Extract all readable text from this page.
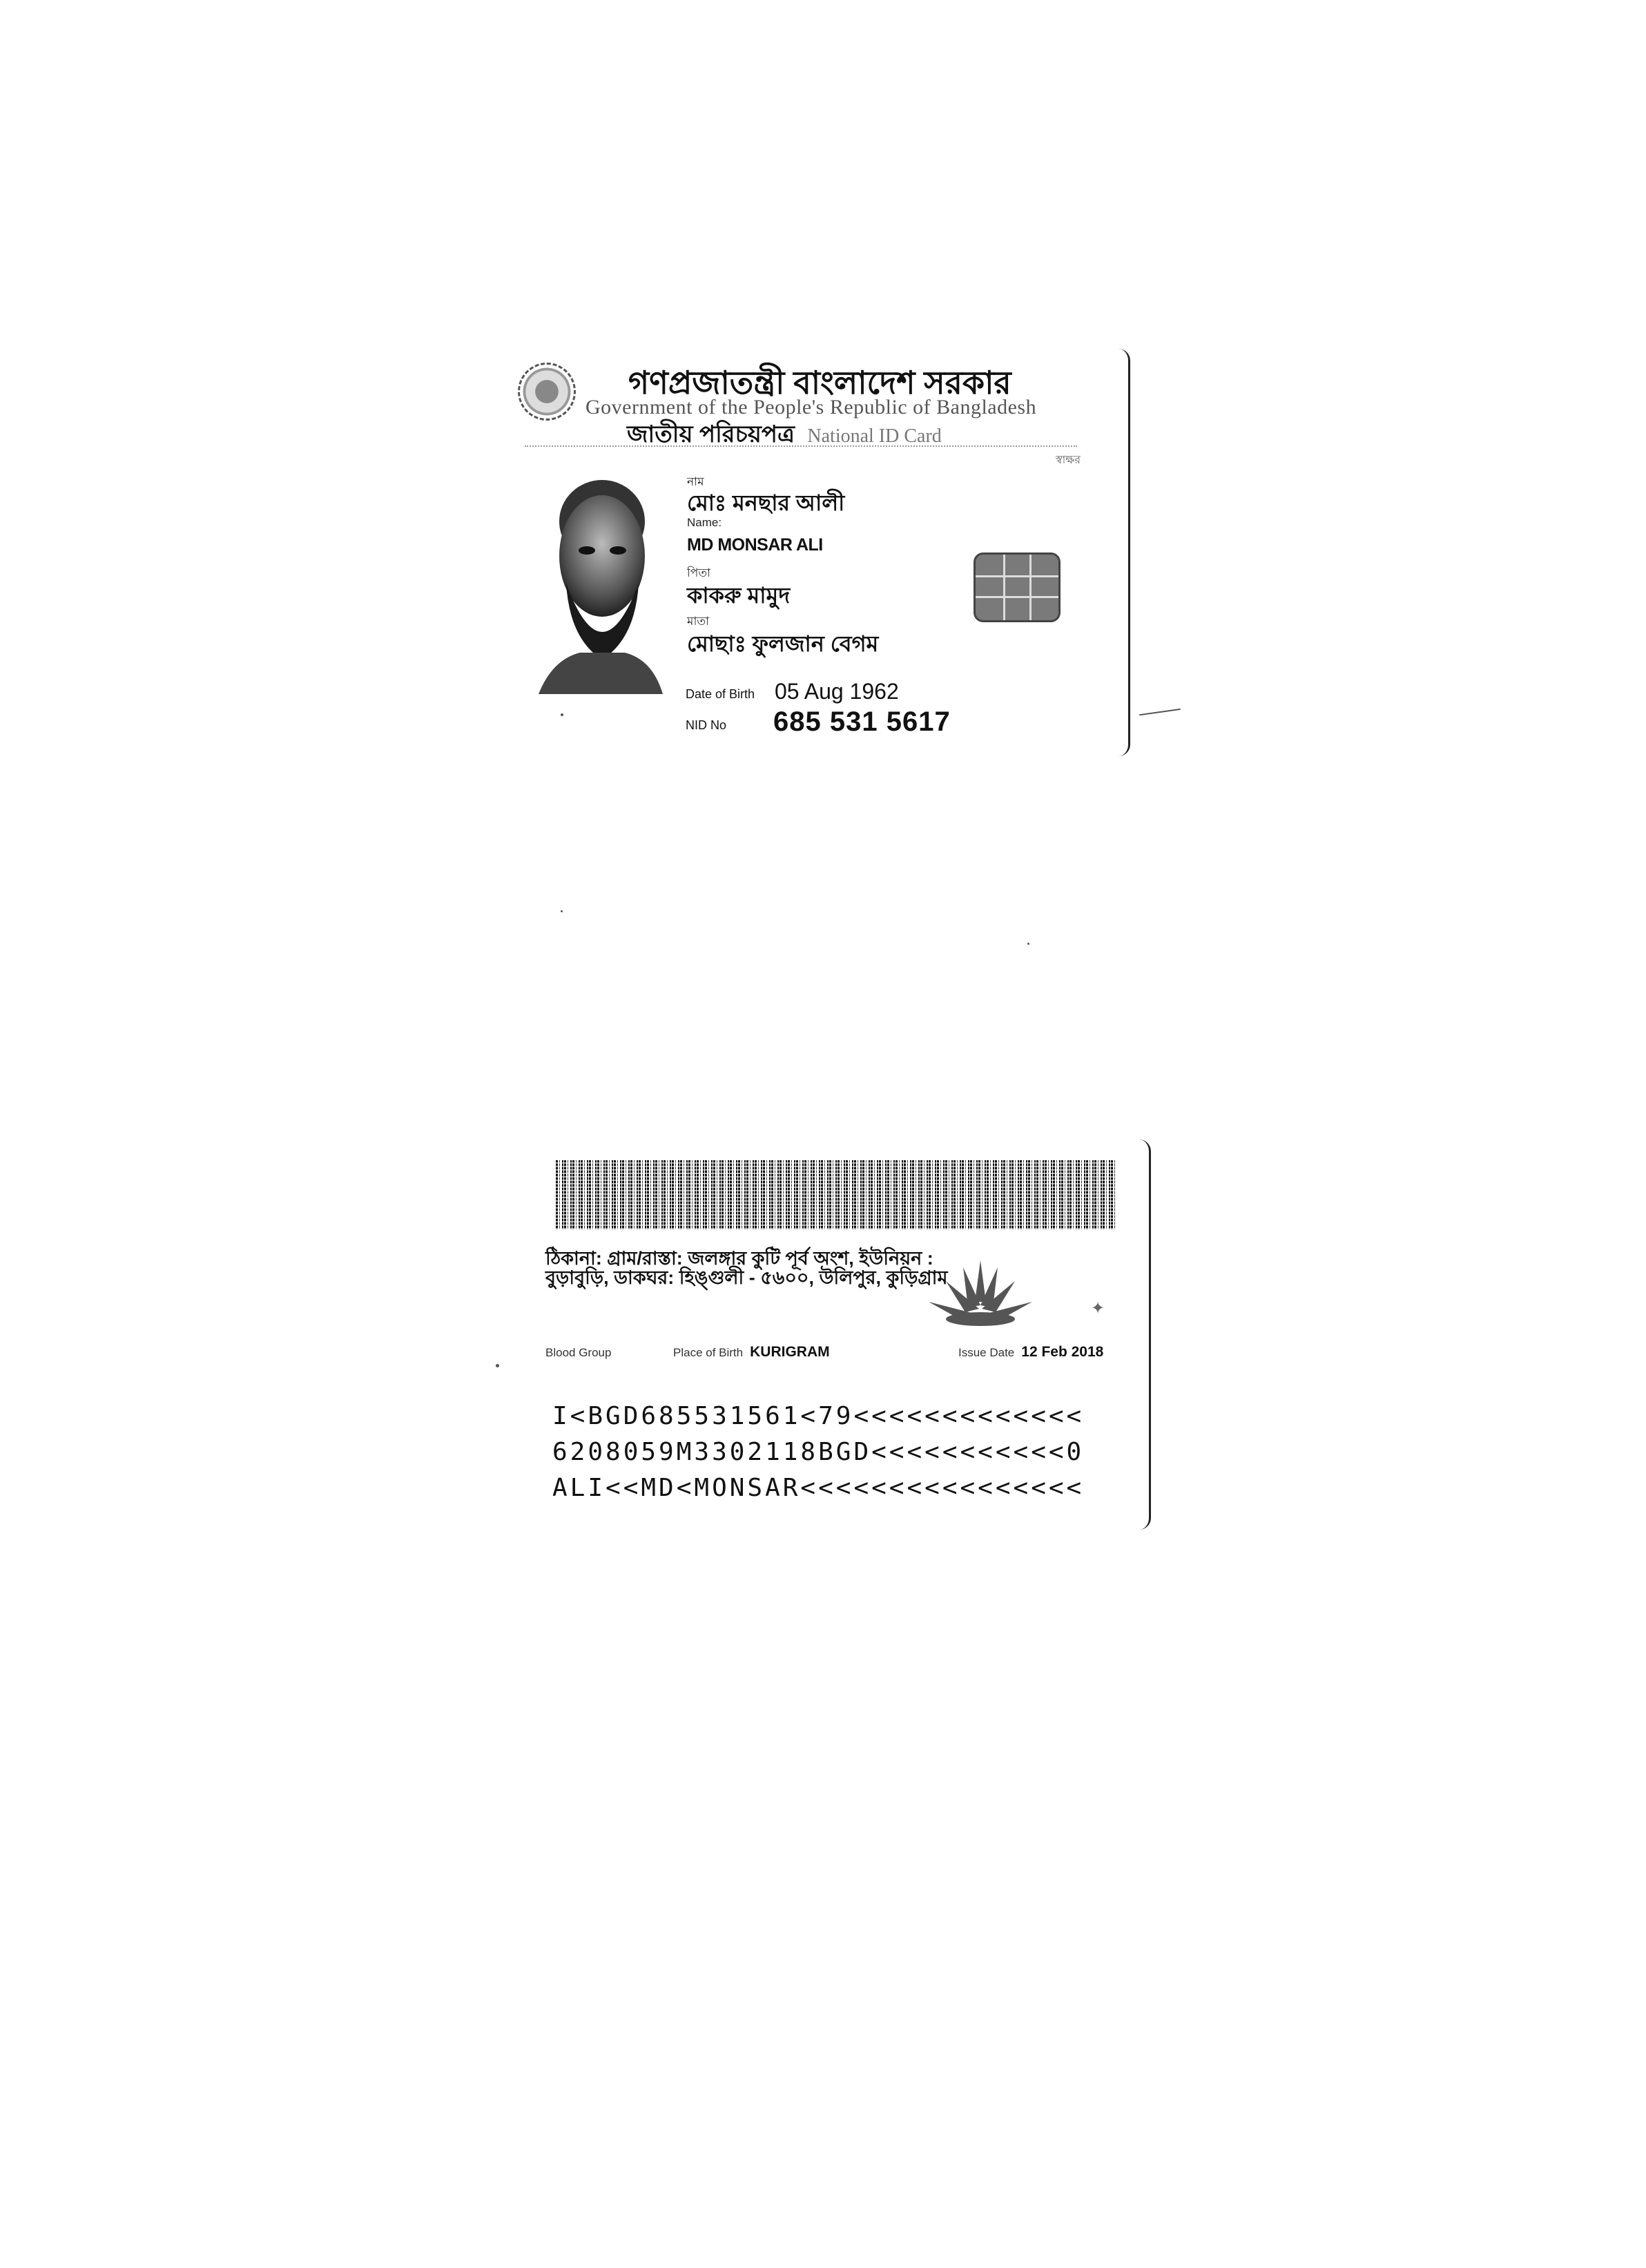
গণপ্রজাতন্ত্রী বাংলাদেশ সরকার
Government of the People's Republic of Bangladesh
জাতীয় পরিচয়পত্র National ID Card
স্বাক্ষর
নাম
মোঃ মনছার আলী
Name:
MD MONSAR ALI
পিতা
কাকরু মামুদ
মাতা
মোছাঃ ফুলজান বেগম
Date of Birth 05 Aug 1962
NID No 685 531 5617
ঠিকানা: গ্রাম/রাস্তা: জলঙ্গার কুটি পূর্ব অংশ, ইউনিয়ন : বুড়াবুড়ি, ডাকঘর: হিঙ্গুলী - ৫৬০০, উলিপুর, কুড়িগ্রাম
✦
Blood Group	Place of Birth KURIGRAM	Issue Date 12 Feb 2018
I<BGD685531561<79<<<<<<<<<<<<<
6208059M3302118BGD<<<<<<<<<<<0
ALI<<MD<MONSAR<<<<<<<<<<<<<<<<
